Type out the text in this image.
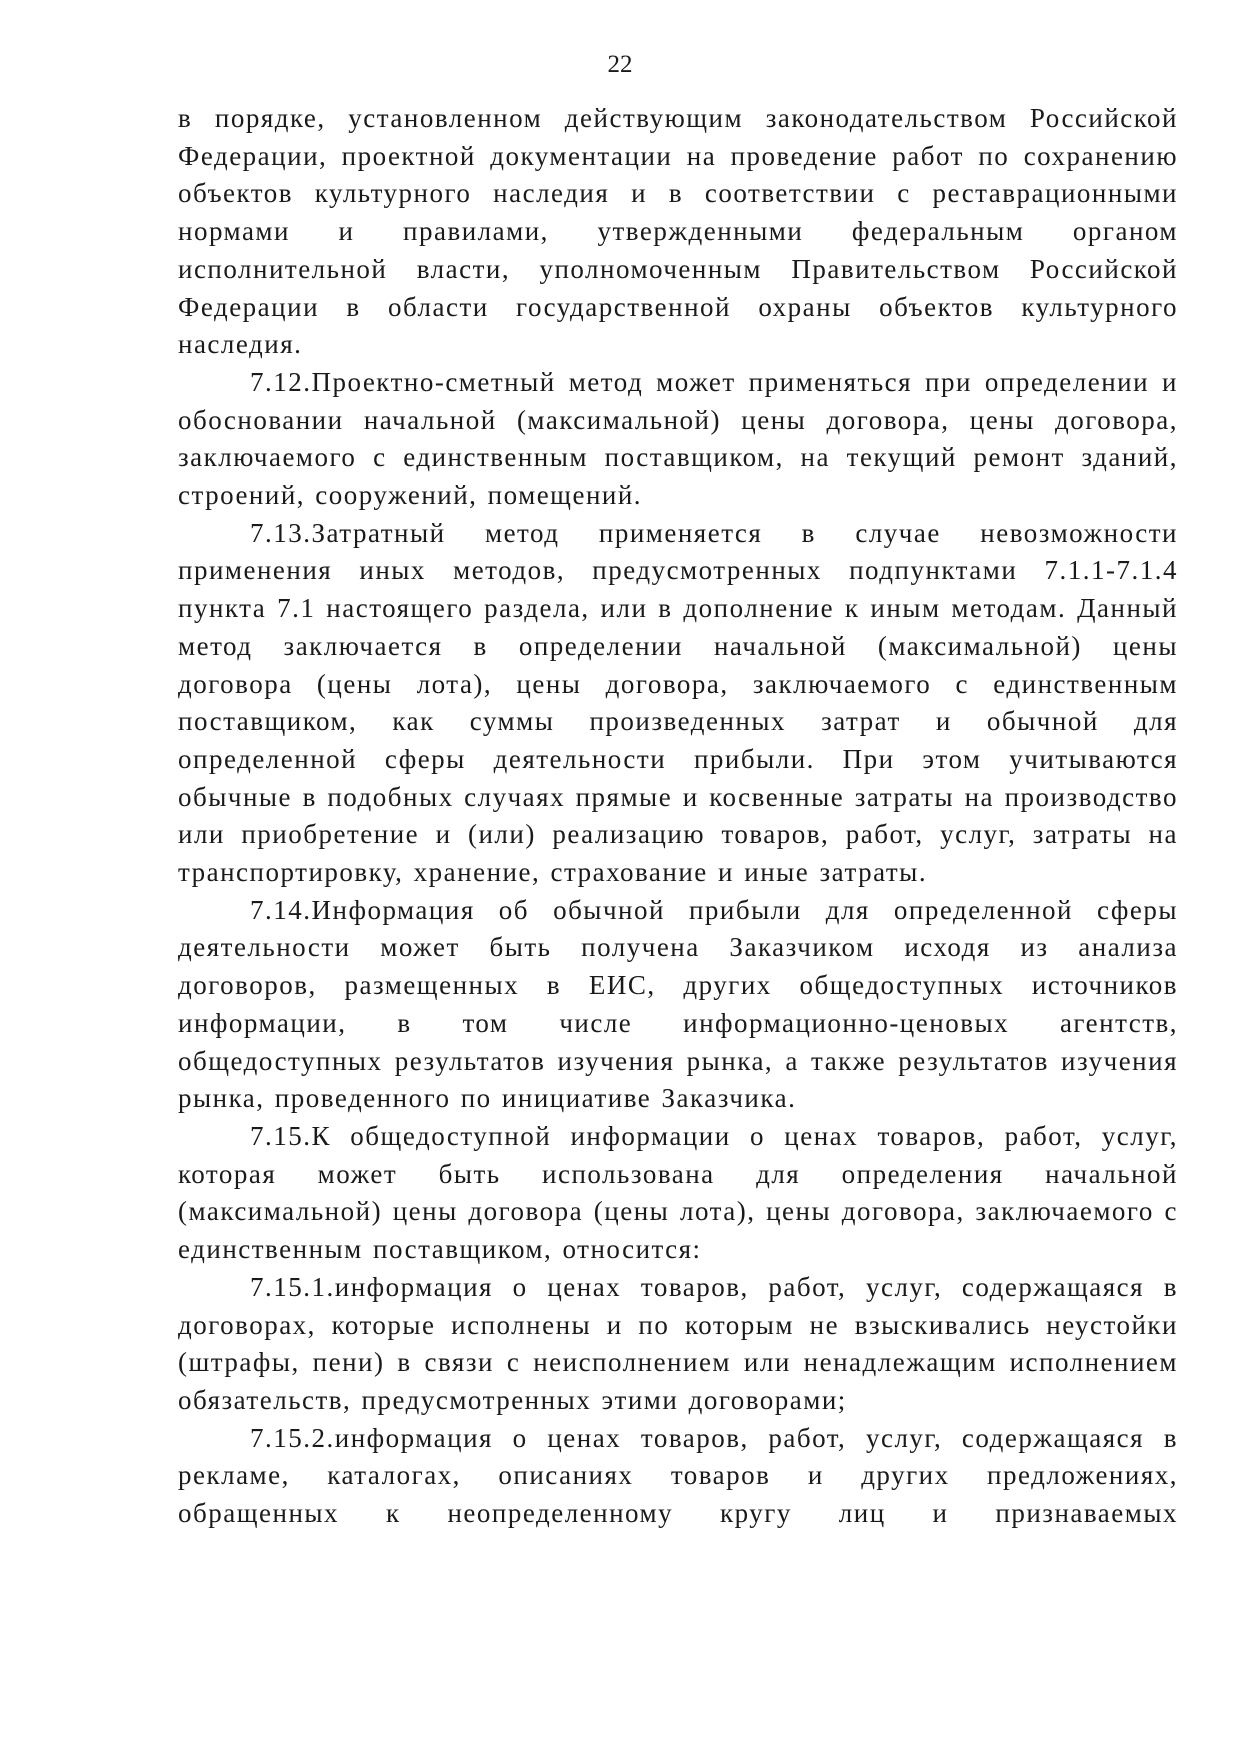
22

в порядке, установленном действующим законодательством Российской Федерации, проектной документации на проведение работ по сохранению объектов культурного наследия и в соответствии с реставрационными нормами и правилами, утвержденными федеральным органом исполнительной власти, уполномоченным Правительством Российской Федерации в области государственной охраны объектов культурного наследия.

7.12.Проектно-сметный метод может применяться при определении и обосновании начальной (максимальной) цены договора, цены договора, заключаемого с единственным поставщиком, на текущий ремонт зданий, строений, сооружений, помещений.

7.13.Затратный метод применяется в случае невозможности применения иных методов, предусмотренных подпунктами 7.1.1-7.1.4 пункта 7.1 настоящего раздела, или в дополнение к иным методам. Данный метод заключается в определении начальной (максимальной) цены договора (цены лота), цены договора, заключаемого с единственным поставщиком, как суммы произведенных затрат и обычной для определенной сферы деятельности прибыли. При этом учитываются обычные в подобных случаях прямые и косвенные затраты на производство или приобретение и (или) реализацию товаров, работ, услуг, затраты на транспортировку, хранение, страхование и иные затраты.

7.14.Информация об обычной прибыли для определенной сферы деятельности может быть получена Заказчиком исходя из анализа договоров, размещенных в ЕИС, других общедоступных источников информации, в том числе информационно-ценовых агентств, общедоступных результатов изучения рынка, а также результатов изучения рынка, проведенного по инициативе Заказчика.

7.15.К общедоступной информации о ценах товаров, работ, услуг, которая может быть использована для определения начальной (максимальной) цены договора (цены лота), цены договора, заключаемого с единственным поставщиком, относится:

7.15.1.информация о ценах товаров, работ, услуг, содержащаяся в договорах, которые исполнены и по которым не взыскивались неустойки (штрафы, пени) в связи с неисполнением или ненадлежащим исполнением обязательств, предусмотренных этими договорами;

7.15.2.информация о ценах товаров, работ, услуг, содержащаяся в рекламе, каталогах, описаниях товаров и других предложениях, обращенных к неопределенному кругу лиц и признаваемых
